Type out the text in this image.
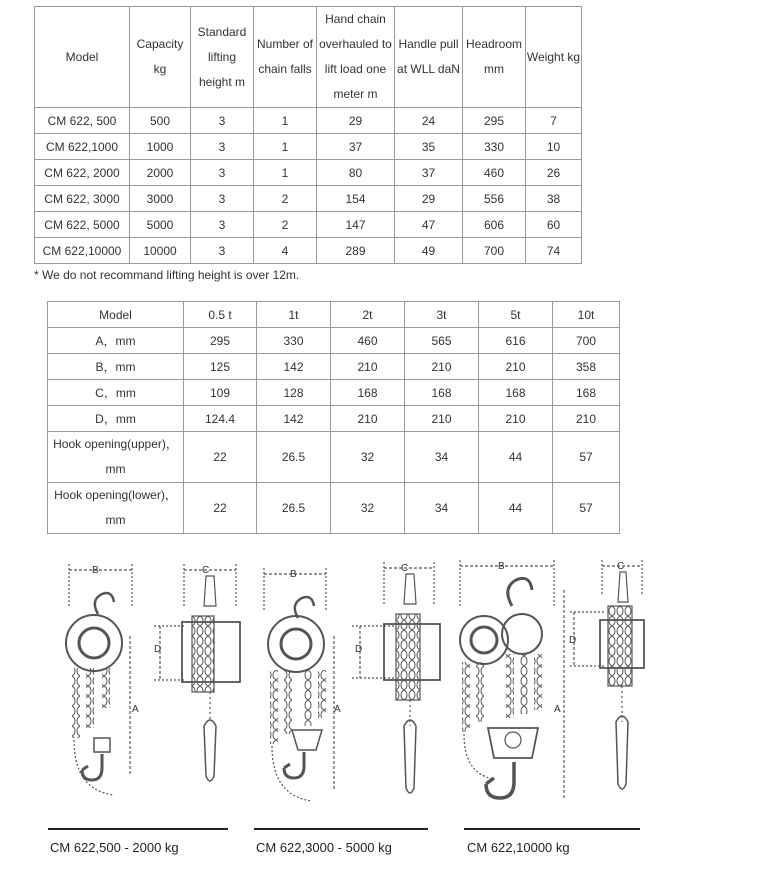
Model	Capacity kg	Standard lifting height m	Number of chain falls	Hand chain overhauled to lift load one meter m	Handle pull at WLL daN	Headroom mm	Weight kg
CM 622, 500	500	3	1	29	24	295	7
CM 622,1000	1000	3	1	37	35	330	10
CM 622, 2000	2000	3	1	80	37	460	26
CM 622, 3000	3000	3	2	154	29	556	38
CM 622, 5000	5000	3	2	147	47	606	60
CM 622,10000	10000	3	4	289	49	700	74
* We do not recommand lifting height is over 12m.
Model	0.5 t	1t	2t	3t	5t	10t
A，mm	295	330	460	565	616	700
B，mm	125	142	210	210	210	358
C，mm	109	128	168	168	168	168
D，mm	124.4	142	210	210	210	210
Hook opening(upper)，mm	22	26.5	32	34	44	57
Hook opening(lower)，mm	22	26.5	32	34	44	57
B	C
D
A
B
C
D
A
B	C
D
A
CM 622,500 - 2000 kg	CM 622,3000 - 5000 kg	CM 622,10000 kg
